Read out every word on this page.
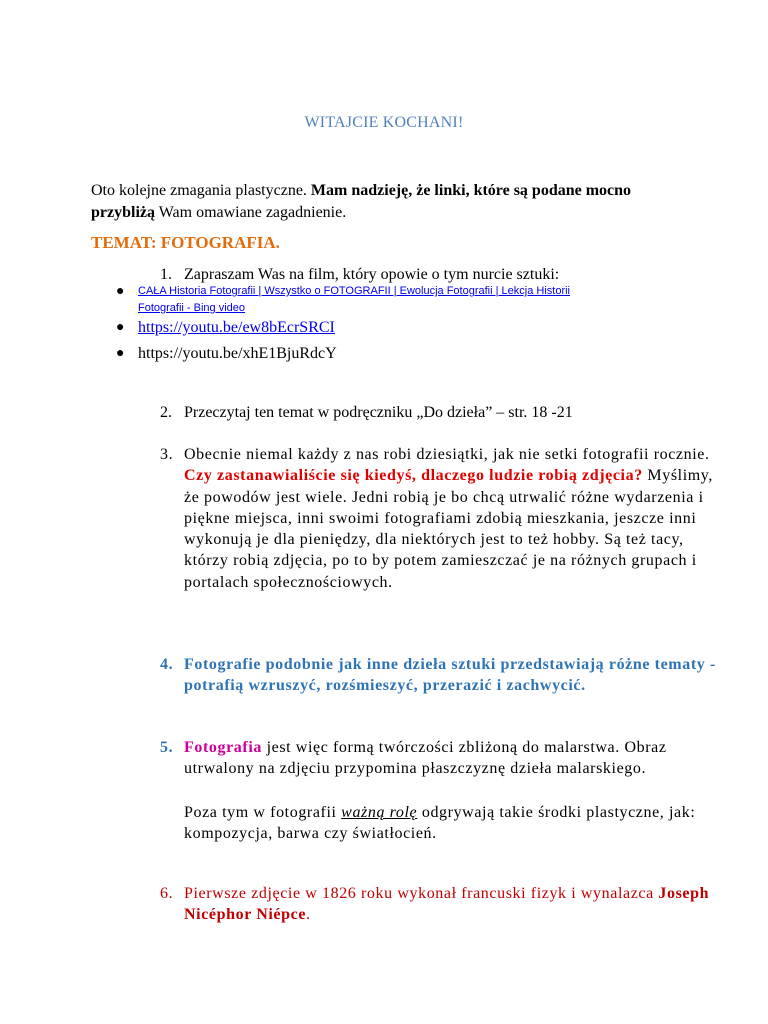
WITAJCIE KOCHANI!
Oto kolejne zmagania plastyczne. Mam nadzieję, że linki, które są podane mocno przybliżą Wam omawiane zagadnienie.
TEMAT: FOTOGRAFIA.
1. Zapraszam Was na film, który opowie o tym nurcie sztuki:
● CAŁA Historia Fotografii | Wszystko o FOTOGRAFII | Ewolucja Fotografii | Lekcja Historii
Fotografii - Bing video
● https://youtu.be/ew8bEcrSRCI
● https://youtu.be/xhE1BjuRdcY
2. Przeczytaj ten temat w podręczniku „Do dzieła” – str. 18 -21
3. Obecnie niemal każdy z nas robi dziesiątki, jak nie setki fotografii rocznie. Czy zastanawialiście się kiedyś, dlaczego ludzie robią zdjęcia? Myślimy, że powodów jest wiele. Jedni robią je bo chcą utrwalić różne wydarzenia i piękne miejsca, inni swoimi fotografiami zdobią mieszkania, jeszcze inni wykonują je dla pieniędzy, dla niektórych jest to też hobby. Są też tacy, którzy robią zdjęcia, po to by potem zamieszczać je na różnych grupach i portalach społecznościowych.
4. Fotografie podobnie jak inne dzieła sztuki przedstawiają różne tematy - potrafią wzruszyć, rozśmieszyć, przerazić i zachwycić.
5. Fotografia jest więc formą twórczości zbliżoną do malarstwa. Obraz utrwalony na zdjęciu przypomina płaszczyznę dzieła malarskiego.
Poza tym w fotografii ważną rolę odgrywają takie środki plastyczne, jak: kompozycja, barwa czy światłocień.
6. Pierwsze zdjęcie w 1826 roku wykonał francuski fizyk i wynalazca Joseph Nicéphor Niépce.
